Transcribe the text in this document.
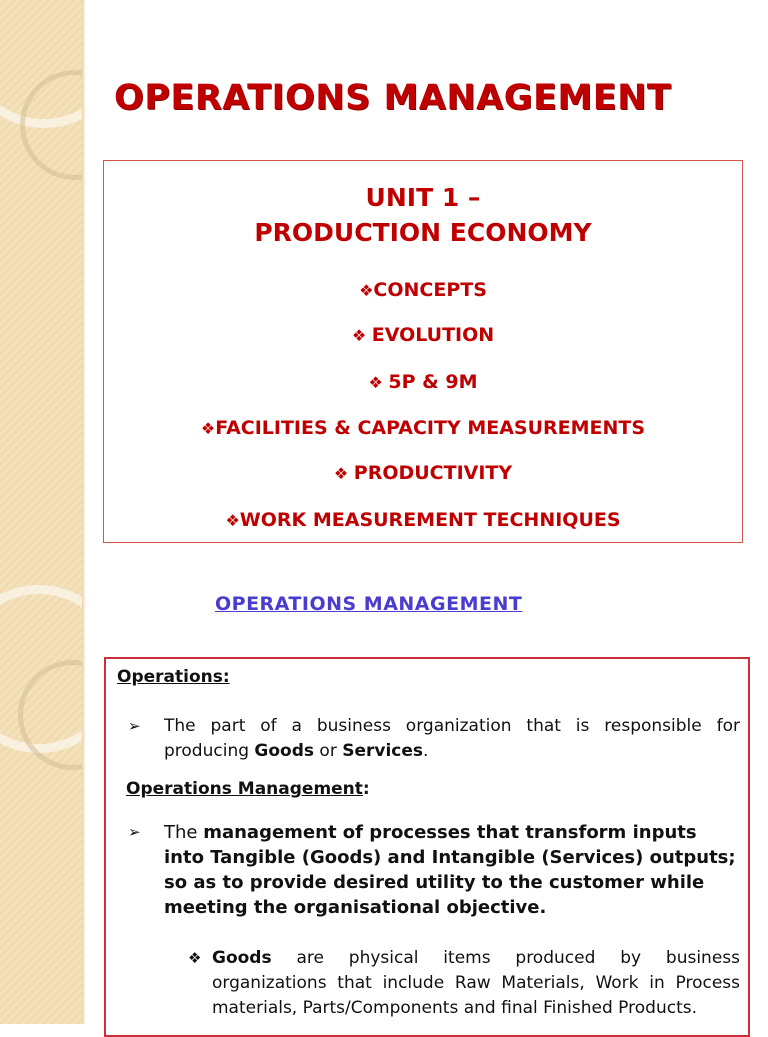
OPERATIONS MANAGEMENT
UNIT 1 –
PRODUCTION ECONOMY
❖CONCEPTS
❖ EVOLUTION
❖ 5P & 9M
❖FACILITIES & CAPACITY MEASUREMENTS
❖ PRODUCTIVITY
❖WORK MEASUREMENT TECHNIQUES
OPERATIONS MANAGEMENT

Operations:

➢	The part of a business organization that is responsible for producing Goods or Services.

Operations Management:

➢	The management of processes that transform inputs into Tangible (Goods) and Intangible (Services) outputs; so as to provide desired utility to the customer while meeting the organisational objective.
❖ Goods are physical items produced by business organizations that include Raw Materials, Work in Process materials, Parts/Components and final Finished Products.
